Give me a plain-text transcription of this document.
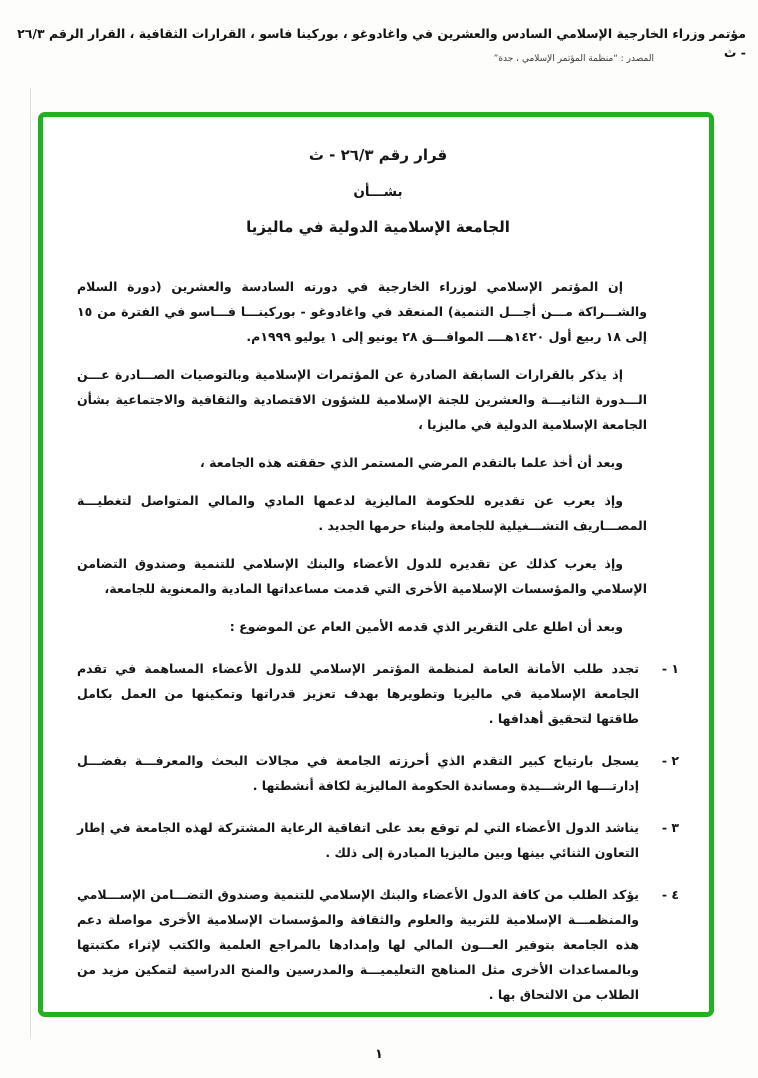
مؤتمر وزراء الخارجية الإسلامي السادس والعشرين في واغادوغو ، بوركينا فاسو ، القرارات الثقافية ، القرار الرقم ٢٦/٣ - ث
المصدر : “منظمة المؤتمر الإسلامي ، جدة”
قرار رقم ٢٦/٣ - ث
بشـــأن
الجامعة الإسلامية الدولية في ماليزيا

إن المؤتمر الإسلامي لوزراء الخارجية في دورته السادسة والعشرين (دورة السلام والشـــراكة مـــن أجـــل التنمية) المنعقد في واغادوغو - بوركينـــا فـــاسو في الفترة من ١٥ إلى ١٨ ربيع أول ١٤٢٠هــــ الموافـــق ٢٨ يونيو إلى ١ يوليو ١٩٩٩م.

إذ يذكر بالقرارات السابقة الصادرة عن المؤتمرات الإسلامية وبالتوصيات الصـــادرة عـــن الـــدورة الثانيـــة والعشرين للجنة الإسلامية للشؤون الاقتصادية والثقافية والاجتماعية بشأن الجامعة الإسلامية الدولية في ماليزيا ،

وبعد أن أخذ علما بالتقدم المرضي المستمر الذي حققته هذه الجامعة ،

وإذ يعرب عن تقديره للحكومة الماليزية لدعمها المادي والمالي المتواصل لتغطيـــة المصـــاريف التشـــغيلية للجامعة ولبناء حرمها الجديد .

وإذ يعرب كذلك عن تقديره للدول الأعضاء والبنك الإسلامي للتنمية وصندوق التضامن الإسلامي والمؤسسات الإسلامية الأخرى التي قدمت مساعداتها المادية والمعنوية للجامعة،

وبعد أن اطلع على التقرير الذي قدمه الأمين العام عن الموضوع :

١ -
تجدد طلب الأمانة العامة لمنظمة المؤتمر الإسلامي للدول الأعضاء المساهمة في تقدم الجامعة الإسلامية في ماليزيا وتطويرها بهدف تعزيز قدراتها وتمكينها من العمل بكامل طاقتها لتحقيق أهدافها .
٢ -
يسجل بارتياح كبير التقدم الذي أحرزته الجامعة في مجالات البحث والمعرفـــة بفضـــل إدارتـــها الرشـــيدة ومساندة الحكومة الماليزية لكافة أنشطتها .
٣ -
يناشد الدول الأعضاء التي لم توقع بعد على اتفاقية الرعاية المشتركة لهذه الجامعة في إطار التعاون الثنائي بينها وبين ماليزيا المبادرة إلى ذلك .
٤ -
يؤكد الطلب من كافة الدول الأعضاء والبنك الإسلامي للتنمية وصندوق التضـــامن الإســـلامي والمنظمـــة الإسلامية للتربية والعلوم والثقافة والمؤسسات الإسلامية الأخرى مواصلة دعم هذه الجامعة بتوفير العـــون المالي لها وإمدادها بالمراجع العلمية والكتب لإثراء مكتبتها وبالمساعدات الأخرى مثل المناهج التعليميـــة والمدرسين والمنح الدراسية لتمكين مزيد من الطلاب من الالتحاق بها .
١
